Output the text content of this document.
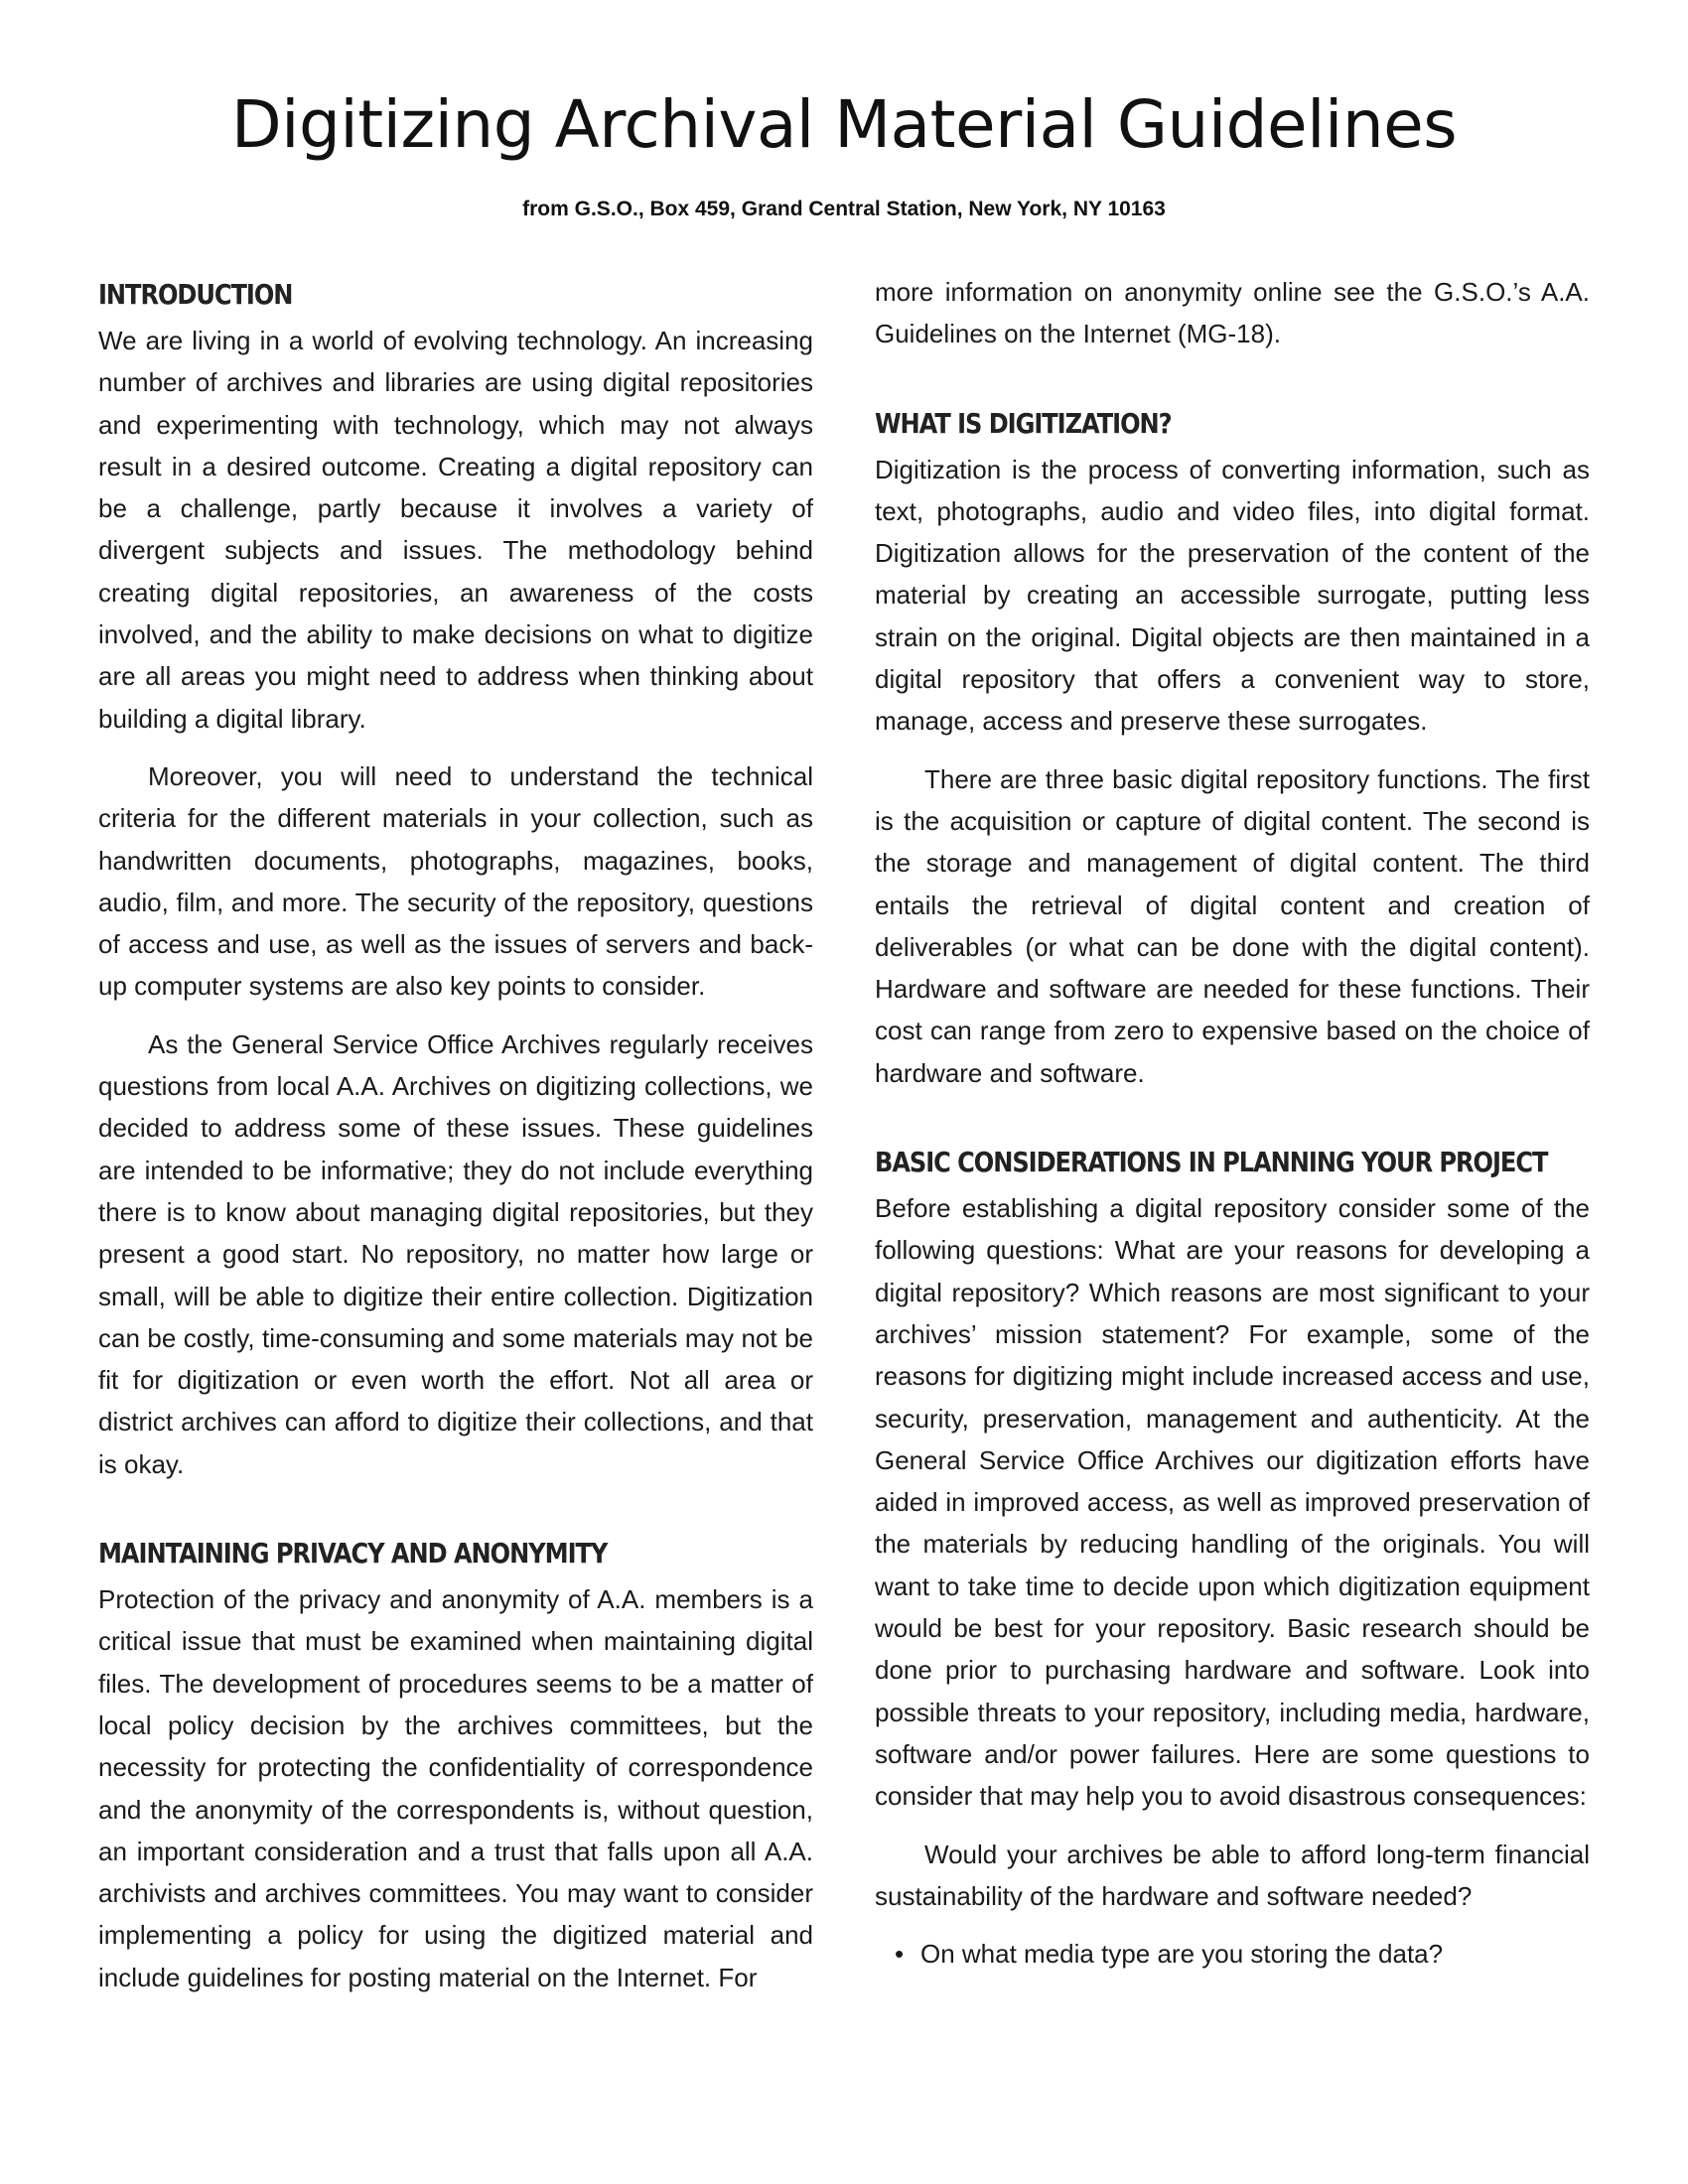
Digitizing Archival Material Guidelines
from G.S.O., Box 459, Grand Central Station, New York, NY 10163
INTRODUCTION

We are living in a world of evolving technology. An increasing number of archives and libraries are using digital repositories and experimenting with technology, which may not always result in a desired outcome. Creating a digital repository can be a challenge, partly because it involves a variety of divergent subjects and issues. The methodology behind creating digital repositories, an awareness of the costs involved, and the ability to make decisions on what to digitize are all areas you might need to address when thinking about building a digital library.

Moreover, you will need to understand the technical criteria for the different materials in your collection, such as handwritten documents, photographs, magazines, books, audio, film, and more. The security of the repository, questions of access and use, as well as the issues of servers and back-up computer systems are also key points to consider.

As the General Service Office Archives regularly receives questions from local A.A. Archives on digitizing collections, we decided to address some of these issues. These guidelines are intended to be informative; they do not include everything there is to know about managing digital repositories, but they present a good start. No repository, no matter how large or small, will be able to digitize their entire collection. Digitization can be costly, time-consuming and some materials may not be fit for digitization or even worth the effort. Not all area or district archives can afford to digitize their collections, and that is okay.

MAINTAINING PRIVACY AND ANONYMITY

Protection of the privacy and anonymity of A.A. members is a critical issue that must be examined when maintaining digital files. The development of procedures seems to be a matter of local policy decision by the archives committees, but the necessity for protecting the confidentiality of correspondence and the anonymity of the correspondents is, without question, an important consideration and a trust that falls upon all A.A. archivists and archives committees. You may want to consider implementing a policy for using the digitized material and include guidelines for posting material on the Internet. For

more information on anonymity online see the G.S.O.’s A.A. Guidelines on the Internet (MG-18).

WHAT IS DIGITIZATION?

Digitization is the process of converting information, such as text, photographs, audio and video files, into digital format. Digitization allows for the preservation of the content of the material by creating an accessible surrogate, putting less strain on the original. Digital objects are then maintained in a digital repository that offers a convenient way to store, manage, access and preserve these surrogates.

There are three basic digital repository functions. The first is the acquisition or capture of digital content. The second is the storage and management of digital content. The third entails the retrieval of digital content and creation of deliverables (or what can be done with the digital content). Hardware and software are needed for these functions. Their cost can range from zero to expensive based on the choice of hardware and software.

BASIC CONSIDERATIONS IN PLANNING YOUR PROJECT

Before establishing a digital repository consider some of the following questions: What are your reasons for developing a digital repository? Which reasons are most significant to your archives’ mission statement? For example, some of the reasons for digitizing might include increased access and use, security, preservation, management and authenticity. At the General Service Office Archives our digitization efforts have aided in improved access, as well as improved preservation of the materials by reducing handling of the originals. You will want to take time to decide upon which digitization equipment would be best for your repository. Basic research should be done prior to purchasing hardware and software. Look into possible threats to your repository, including media, hardware, software and/or power failures. Here are some questions to consider that may help you to avoid disastrous consequences:

Would your archives be able to afford long-term financial sustainability of the hardware and software needed?

• On what media type are you storing the data?
